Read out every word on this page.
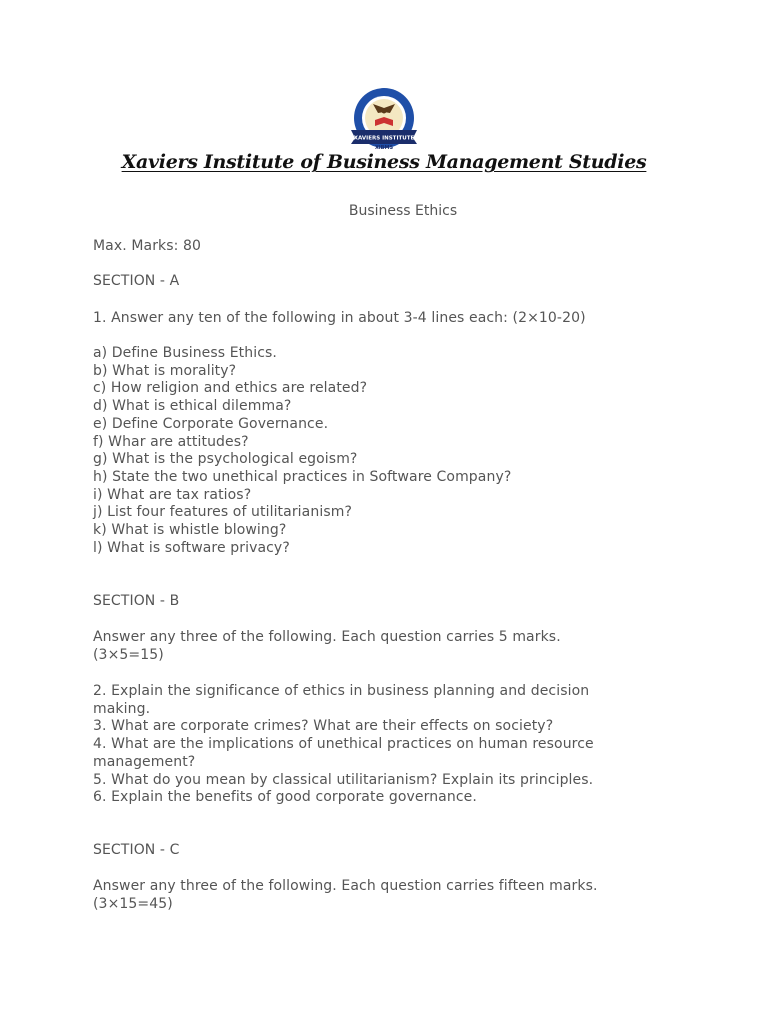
XAVIERS INSTITUTE
XIBMS
Xaviers Institute of Business Management Studies
Business Ethics
Max. Marks: 80
SECTION - A
1. Answer any ten of the following in about 3-4 lines each: (2×10-20)
a) Define Business Ethics.
b) What is morality?
c) How religion and ethics are related?
d) What is ethical dilemma?
e) Define Corporate Governance.
f) Whar are attitudes?
g) What is the psychological egoism?
h) State the two unethical practices in Software Company?
i) What are tax ratios?
j) List four features of utilitarianism?
k) What is whistle blowing?
l) What is software privacy?
SECTION - B
Answer any three of the following. Each question carries 5 marks.
(3×5=15)
2. Explain the significance of ethics in business planning and decision
making.
3. What are corporate crimes? What are their effects on society?
4. What are the implications of unethical practices on human resource
management?
5. What do you mean by classical utilitarianism? Explain its principles.
6. Explain the benefits of good corporate governance.
SECTION - C
Answer any three of the following. Each question carries fifteen marks.
(3×15=45)
